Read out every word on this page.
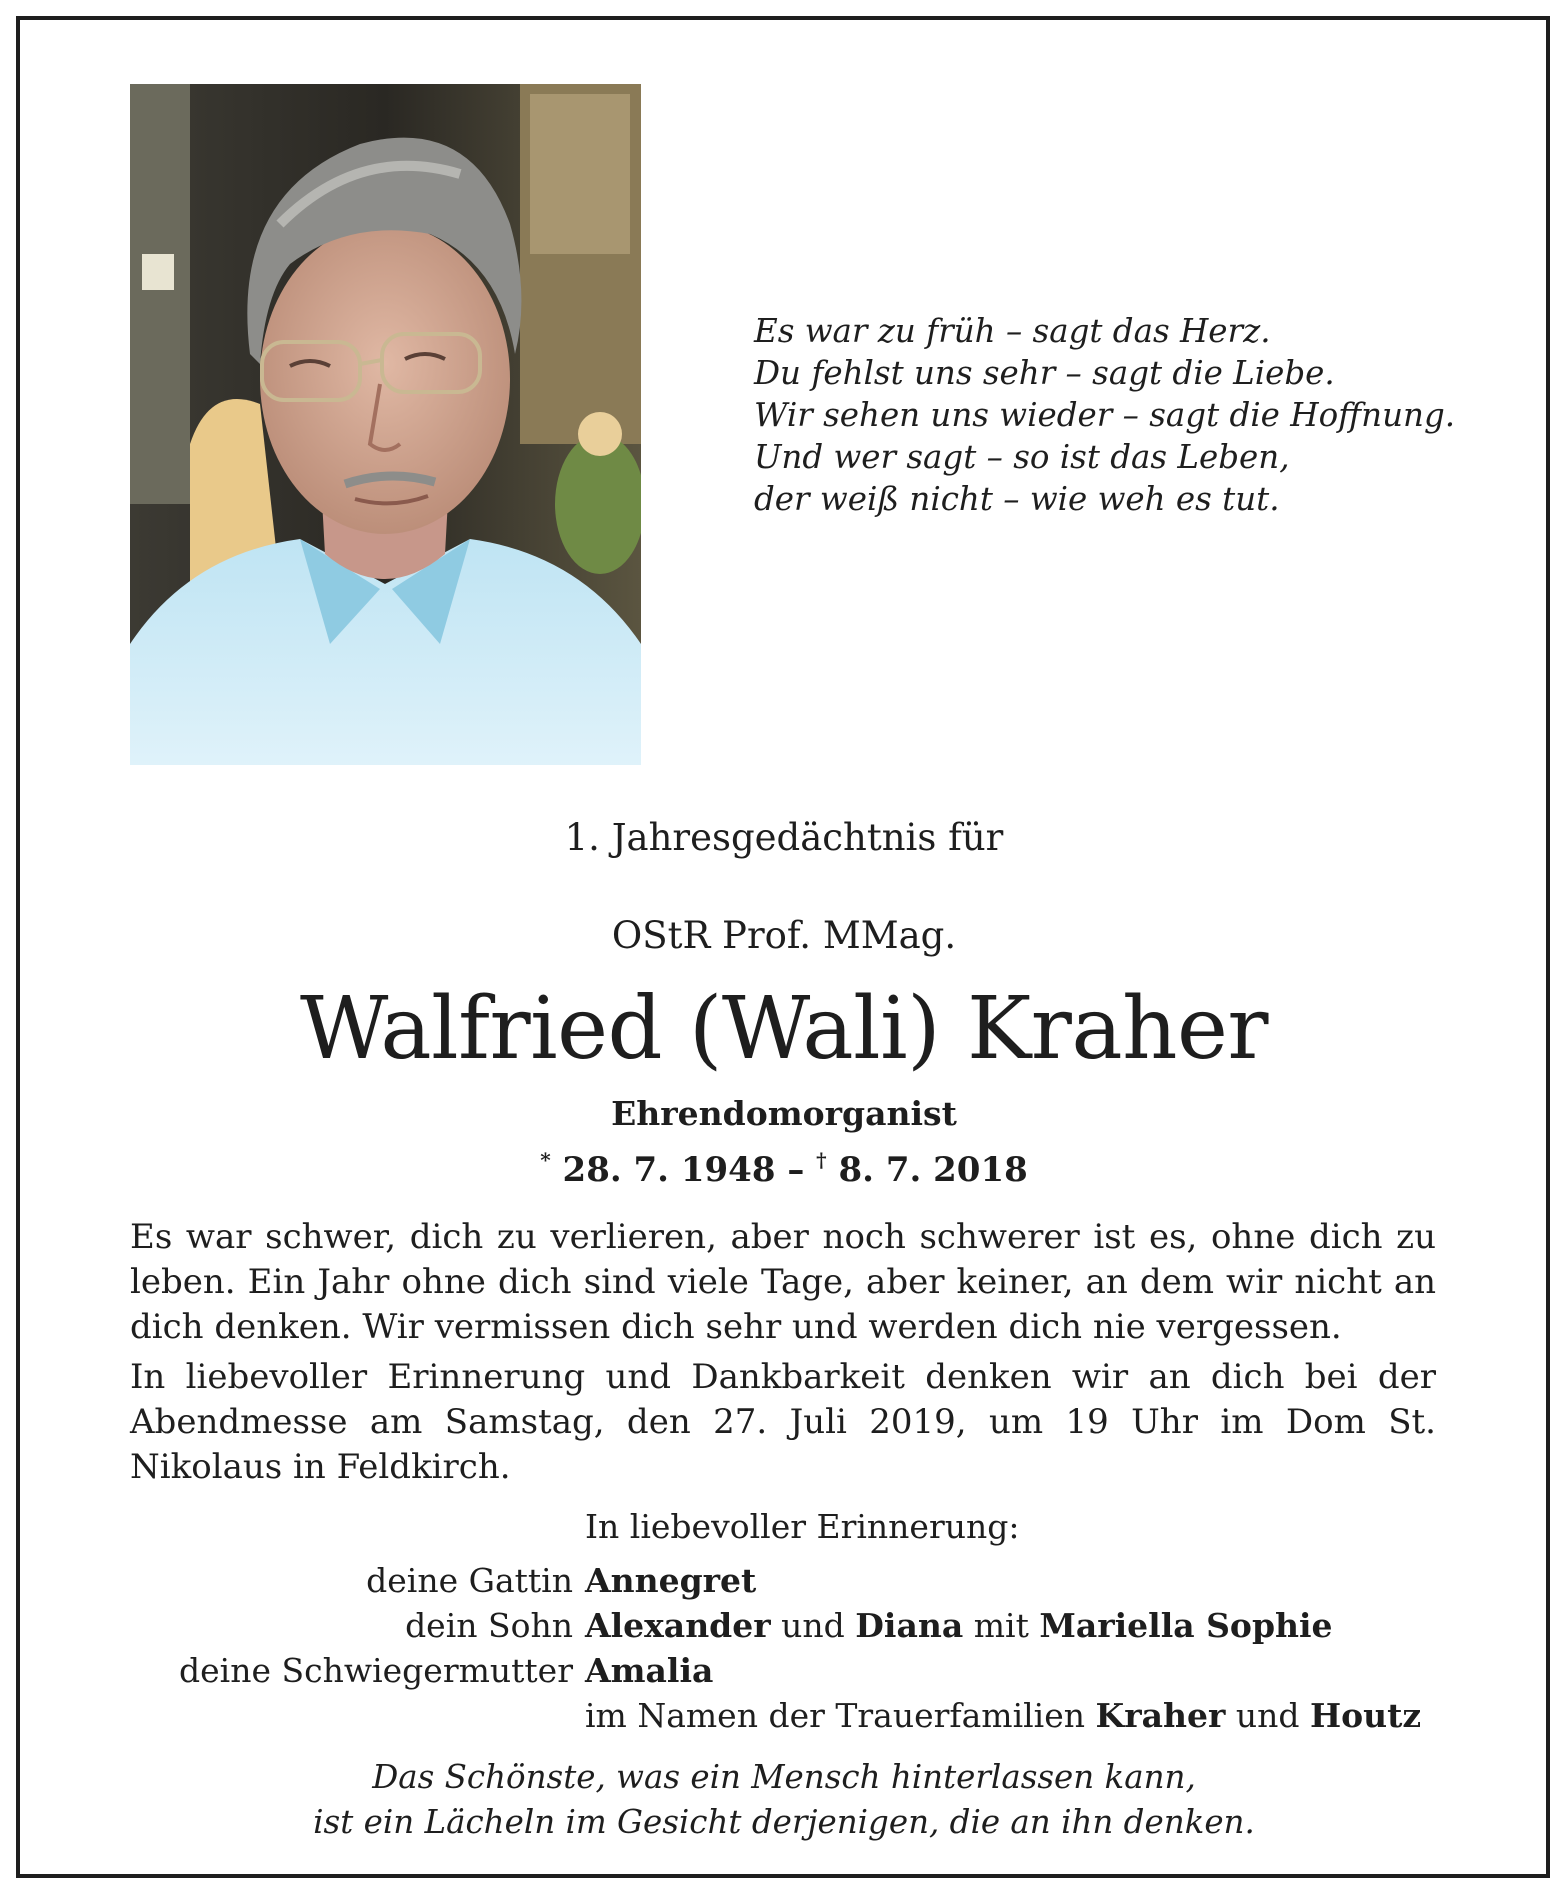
Es war zu früh – sagt das Herz.
Du fehlst uns sehr – sagt die Liebe.
Wir sehen uns wieder – sagt die Hoffnung.
Und wer sagt – so ist das Leben,
der weiß nicht – wie weh es tut.
1. Jahresgedächtnis für
OStR Prof. MMag.
Walfried (Wali) Kraher
Ehrendomorganist
* 28. 7. 1948 – † 8. 7. 2018
Es war schwer, dich zu verlieren, aber noch schwerer ist es, ohne dich zu leben. Ein Jahr ohne dich sind viele Tage, aber keiner, an dem wir nicht an dich denken. Wir vermissen dich sehr und werden dich nie vergessen.
In liebevoller Erinnerung und Dankbarkeit denken wir an dich bei der Abendmesse am Samstag, den 27. Juli 2019, um 19 Uhr im Dom St. Nikolaus in Feldkirch.
In liebevoller Erinnerung:
deine Gattin Annegret
dein Sohn Alexander und Diana mit Mariella Sophie
deine Schwiegermutter Amalia
im Namen der Trauerfamilien Kraher und Houtz
Das Schönste, was ein Mensch hinterlassen kann,
ist ein Lächeln im Gesicht derjenigen, die an ihn denken.
